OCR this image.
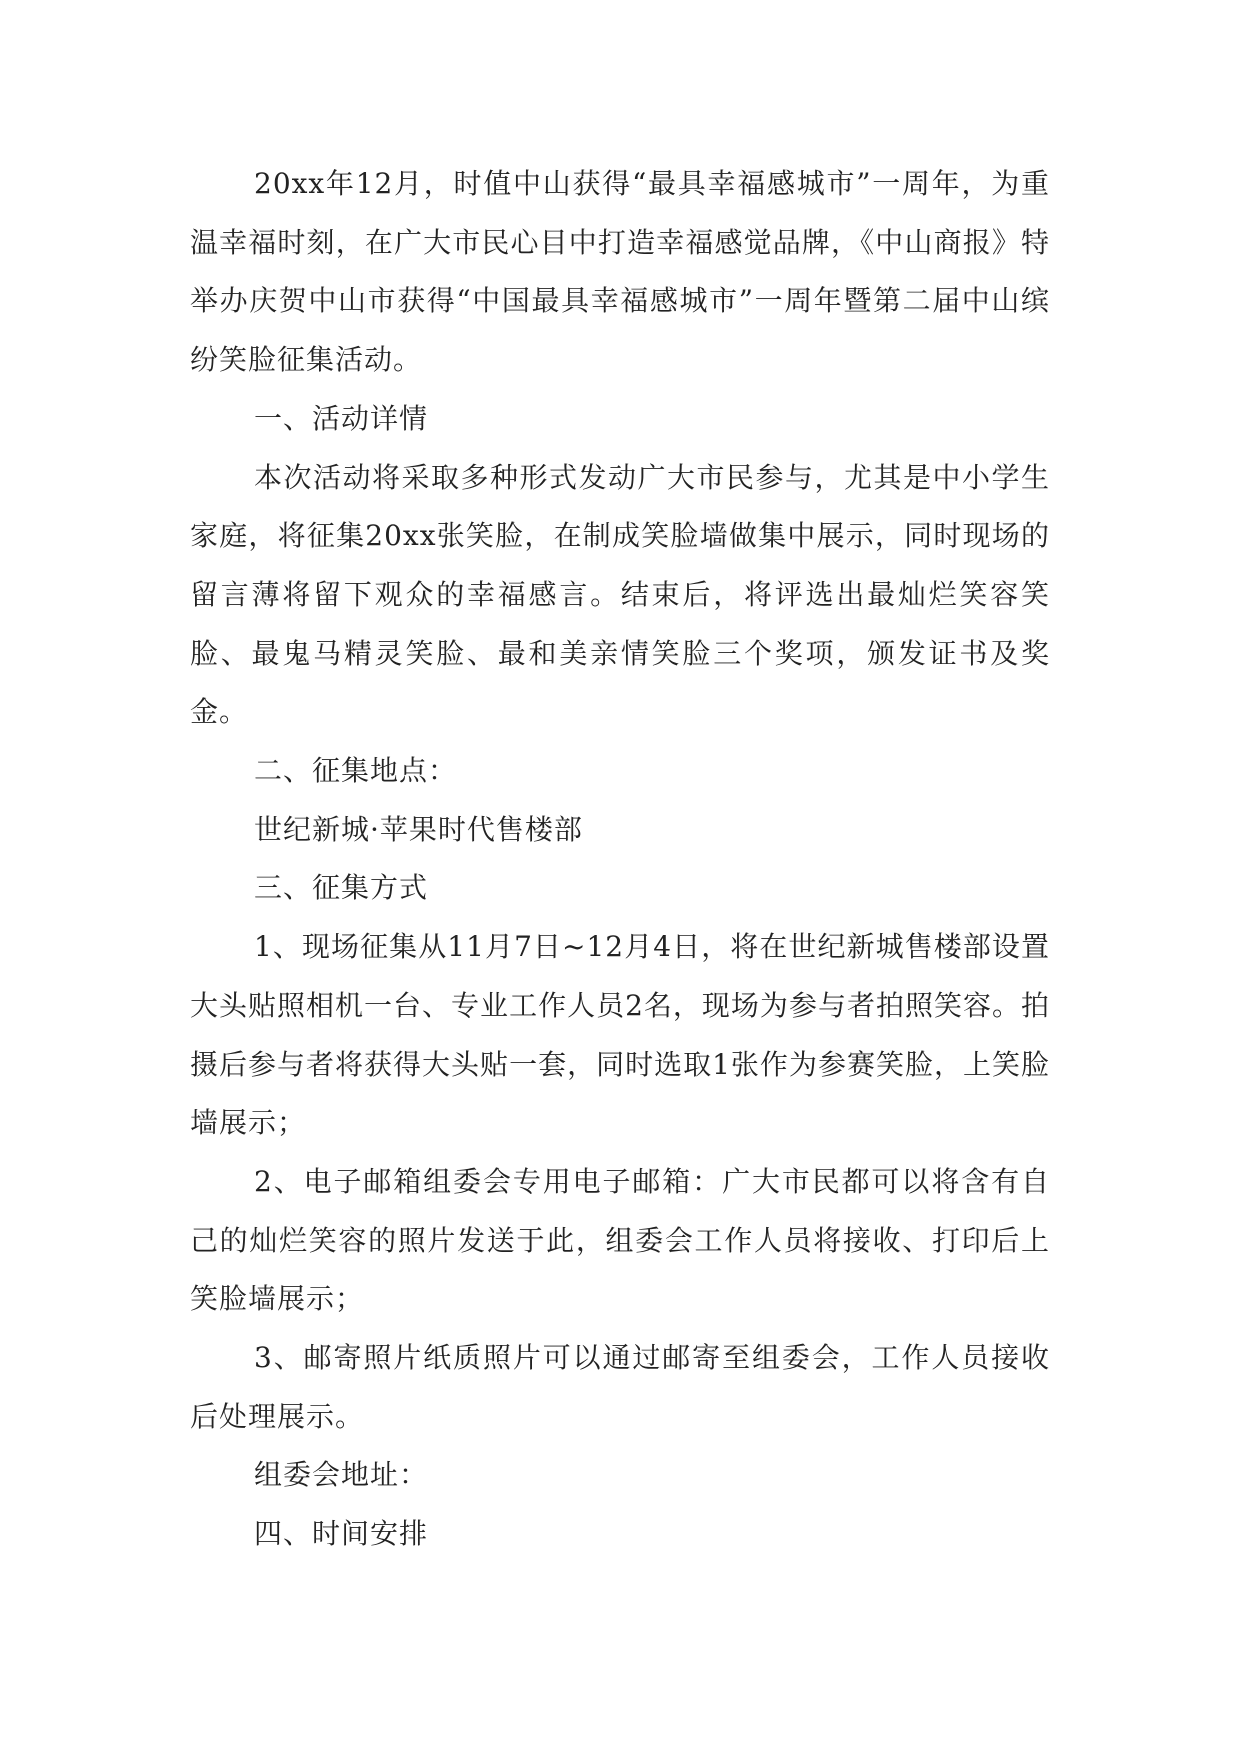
20xx年12月，时值中山获得“最具幸福感城市”一周年，为重温幸福时刻，在广大市民心目中打造幸福感觉品牌，《中山商报》特举办庆贺中山市获得“中国最具幸福感城市”一周年暨第二届中山缤纷笑脸征集活动。

一、活动详情

本次活动将采取多种形式发动广大市民参与，尤其是中小学生家庭，将征集20xx张笑脸，在制成笑脸墙做集中展示，同时现场的留言薄将留下观众的幸福感言。结束后，将评选出最灿烂笑容笑脸、最鬼马精灵笑脸、最和美亲情笑脸三个奖项，颁发证书及奖金。

二、征集地点：

世纪新城·苹果时代售楼部

三、征集方式

1、现场征集从11月7日~12月4日，将在世纪新城售楼部设置大头贴照相机一台、专业工作人员2名，现场为参与者拍照笑容。拍摄后参与者将获得大头贴一套，同时选取1张作为参赛笑脸，上笑脸墙展示；

2、电子邮箱组委会专用电子邮箱：广大市民都可以将含有自己的灿烂笑容的照片发送于此，组委会工作人员将接收、打印后上笑脸墙展示；

3、邮寄照片纸质照片可以通过邮寄至组委会，工作人员接收后处理展示。

组委会地址：

四、时间安排
